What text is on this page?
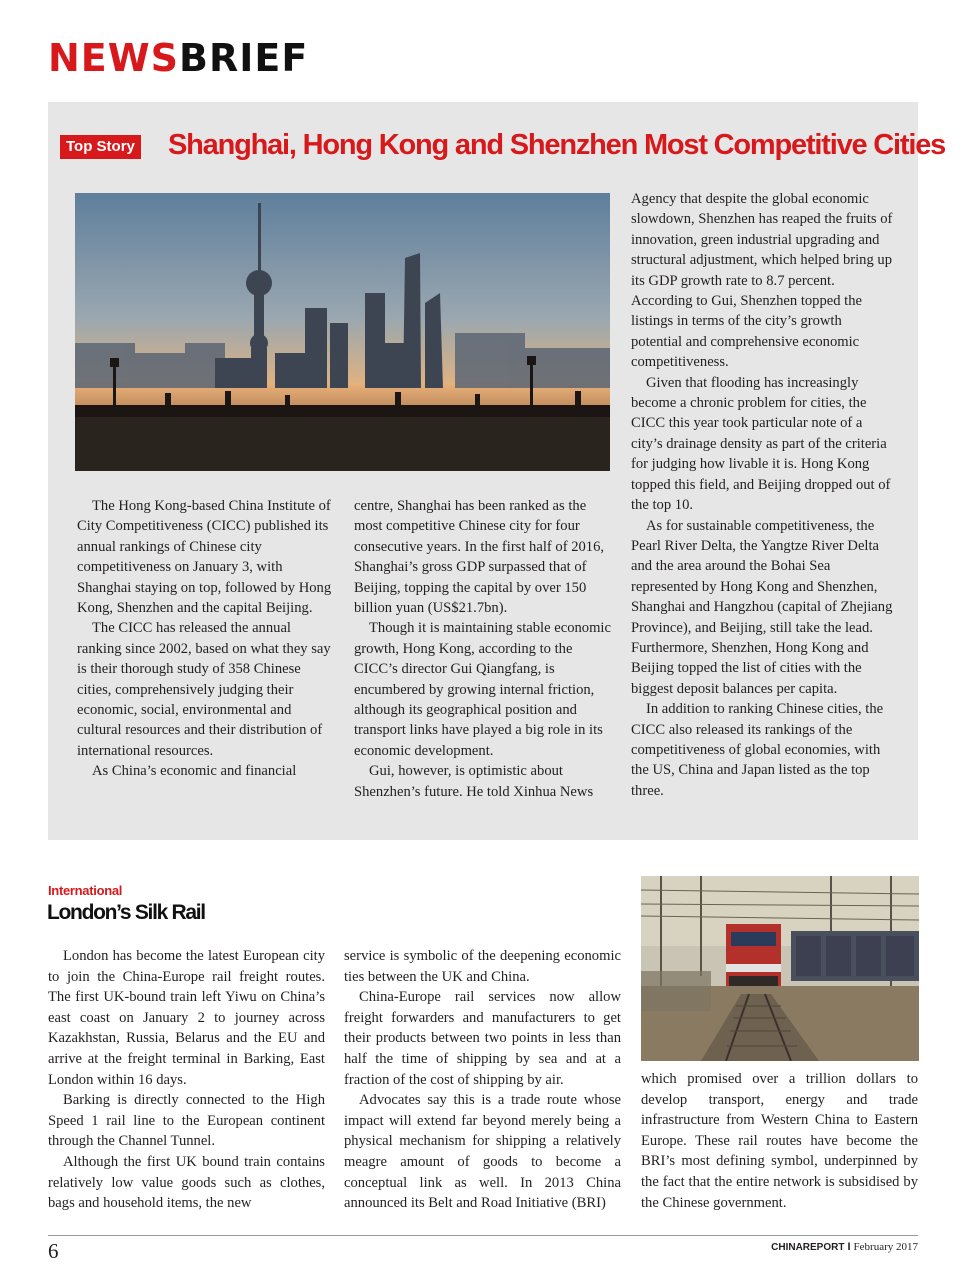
NEWSBRIEF
Top Story Shanghai, Hong Kong and Shenzhen Most Competitive Cities

The Hong Kong-based China Institute of City Competitiveness (CICC) published its annual rankings of Chinese city competitiveness on January 3, with Shanghai staying on top, followed by Hong Kong, Shenzhen and the capital Beijing.

The CICC has released the annual ranking since 2002, based on what they say is their thorough study of 358 Chinese cities, comprehensively judging their economic, social, environmental and cultural resources and their distribution of international resources.

As China’s economic and financial

centre, Shanghai has been ranked as the most competitive Chinese city for four consecutive years. In the first half of 2016, Shanghai’s gross GDP surpassed that of Beijing, topping the capital by over 150 billion yuan (US$21.7bn).

Though it is maintaining stable economic growth, Hong Kong, according to the CICC’s director Gui Qiangfang, is encumbered by growing internal friction, although its geographical position and transport links have played a big role in its economic development.

Gui, however, is optimistic about Shenzhen’s future. He told Xinhua News

Agency that despite the global economic slowdown, Shenzhen has reaped the fruits of innovation, green industrial upgrading and structural adjustment, which helped bring up its GDP growth rate to 8.7 percent. According to Gui, Shenzhen topped the listings in terms of the city’s growth potential and comprehensive economic competitiveness.

Given that flooding has increasingly become a chronic problem for cities, the CICC this year took particular note of a city’s drainage density as part of the criteria for judging how livable it is. Hong Kong topped this field, and Beijing dropped out of the top 10.

As for sustainable competitiveness, the Pearl River Delta, the Yangtze River Delta and the area around the Bohai Sea represented by Hong Kong and Shenzhen, Shanghai and Hangzhou (capital of Zhejiang Province), and Beijing, still take the lead. Furthermore, Shenzhen, Hong Kong and Beijing topped the list of cities with the biggest deposit balances per capita.

In addition to ranking Chinese cities, the CICC also released its rankings of the competitiveness of global economies, with the US, China and Japan listed as the top three.

International
London’s Silk Rail

London has become the latest European city to join the China-Europe rail freight routes. The first UK-bound train left Yiwu on China’s east coast on January 2 to journey across Kazakhstan, Russia, Belarus and the EU and arrive at the freight terminal in Barking, East London within 16 days.

Barking is directly connected to the High Speed 1 rail line to the European continent through the Channel Tunnel.

Although the first UK bound train contains relatively low value goods such as clothes, bags and household items, the new

service is symbolic of the deepening economic ties between the UK and China.

China-Europe rail services now allow freight forwarders and manufacturers to get their products between two points in less than half the time of shipping by sea and at a fraction of the cost of shipping by air.

Advocates say this is a trade route whose impact will extend far beyond merely being a physical mechanism for shipping a relatively meagre amount of goods to become a conceptual link as well. In 2013 China announced its Belt and Road Initiative (BRI)

which promised over a trillion dollars to develop transport, energy and trade infrastructure from Western China to Eastern Europe. These rail routes have become the BRI’s most defining symbol, underpinned by the fact that the entire network is subsidised by the Chinese government.

6	CHINAREPORT I February 2017
